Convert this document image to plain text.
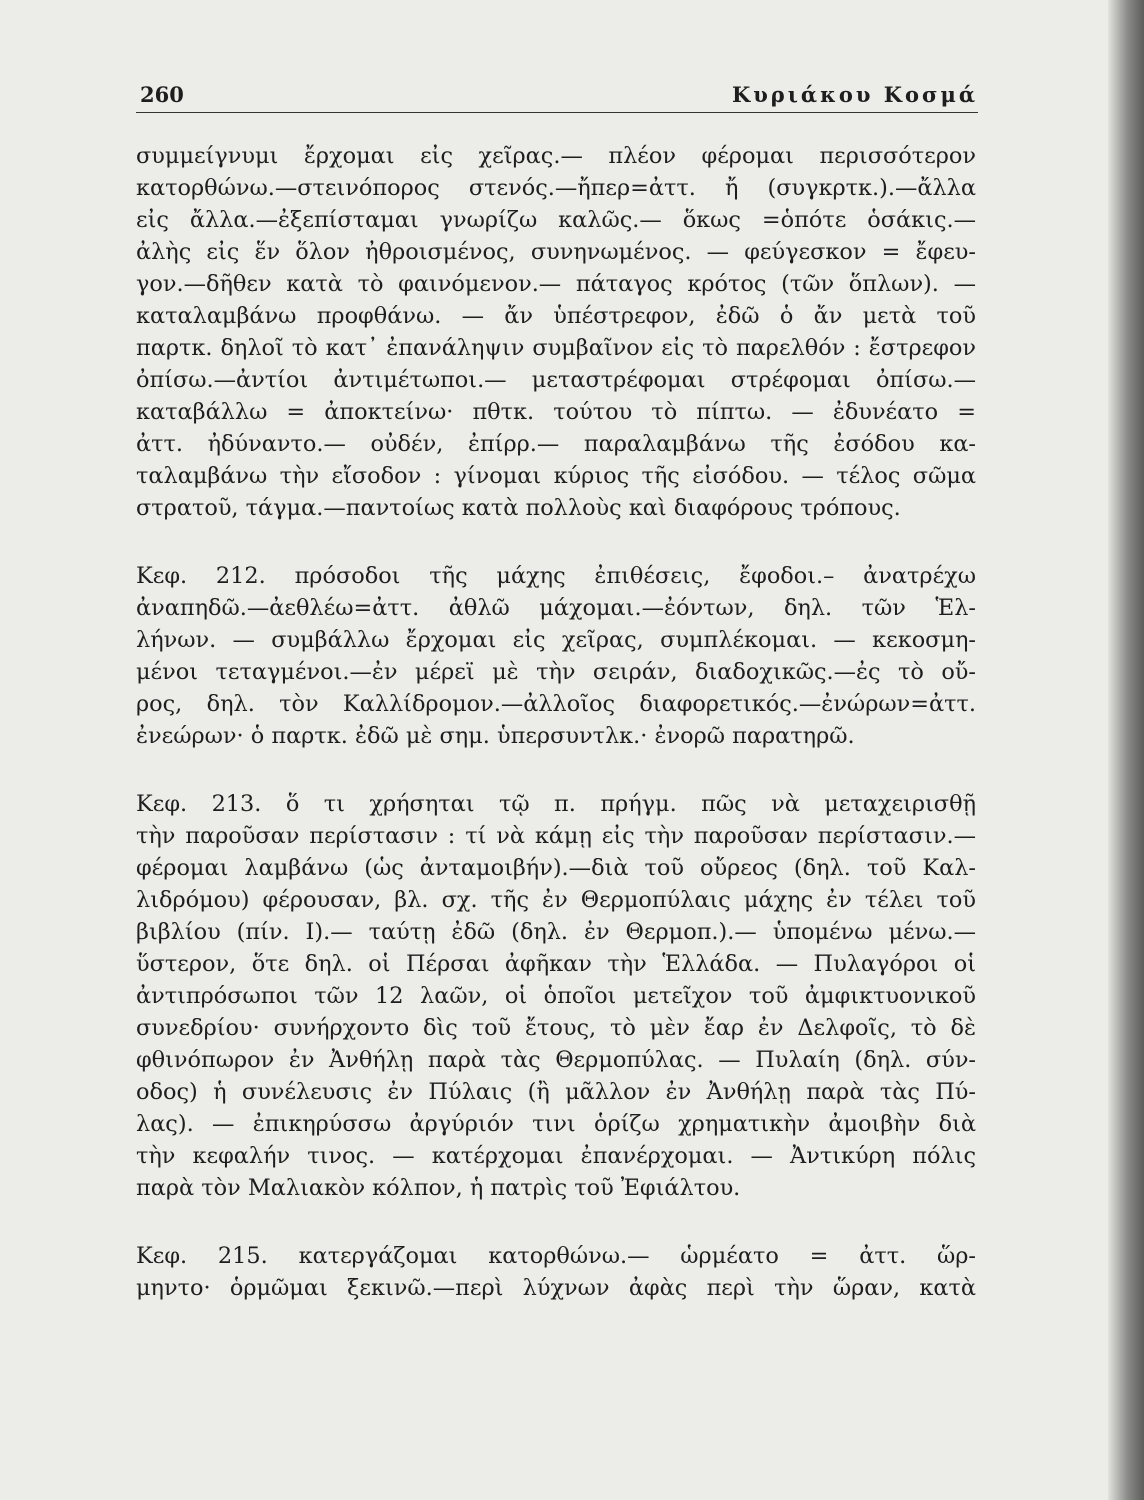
260	Κυριάκου Κοσμά
συμμείγνυμι ἔρχομαι εἰς χεῖρας.— πλέον φέρομαι περισσότερον
κατορθώνω.—στεινόπορος στενός.—ἤπερ=ἀττ. ἤ (συγκρτκ.).—ἄλλα
εἰς ἄλλα.—ἐξεπίσταμαι γνωρίζω καλῶς.— ὅκως =ὁπότε ὁσάκις.—
ἀλὴς εἰς ἕν ὅλον ἠθροισμένος, συνηνωμένος. — φεύγεσκον = ἔφευ-
γον.—δῆθεν κατὰ τὸ φαινόμενον.— πάταγος κρότος (τῶν ὅπλων). —
καταλαμβάνω προφθάνω. — ἄν ὑπέστρεφον, ἐδῶ ὁ ἄν μετὰ τοῦ
παρτκ. δηλοῖ τὸ κατ᾽ ἐπανάληψιν συμβαῖνον εἰς τὸ παρελθόν : ἔστρεφον
ὀπίσω.—ἀντίοι ἀντιμέτωποι.— μεταστρέφομαι στρέφομαι ὀπίσω.—
καταβάλλω = ἀποκτείνω· πθτκ. τούτου τὸ πίπτω. — ἐδυνέατο =
ἀττ. ἠδύναντο.— οὐδέν, ἐπίρρ.— παραλαμβάνω τῆς ἐσόδου κα-
ταλαμβάνω τὴν εἴσοδον : γίνομαι κύριος τῆς εἰσόδου. — τέλος σῶμα
στρατοῦ, τάγμα.—παντοίως κατὰ πολλοὺς καὶ διαφόρους τρόπους.
Κεφ. 212. πρόσοδοι τῆς μάχης ἐπιθέσεις, ἔφοδοι.– ἀνατρέχω
ἀναπηδῶ.—ἀεθλέω=ἀττ. ἀθλῶ μάχομαι.—ἐόντων, δηλ. τῶν Ἑλ-
λήνων. — συμβάλλω ἔρχομαι εἰς χεῖρας, συμπλέκομαι. — κεκοσμη-
μένοι τεταγμένοι.—ἐν μέρεϊ μὲ τὴν σειράν, διαδοχικῶς.—ἐς τὸ οὔ-
ρος, δηλ. τὸν Καλλίδρομον.—ἀλλοῖος διαφορετικός.—ἐνώρων=ἀττ.
ἐνεώρων· ὁ παρτκ. ἐδῶ μὲ σημ. ὑπερσυντλκ.· ἐνορῶ παρατηρῶ.
Κεφ. 213. ὅ τι χρήσηται τῷ π. πρήγμ. πῶς νὰ μεταχειρισθῇ
τὴν παροῦσαν περίστασιν : τί νὰ κάμῃ εἰς τὴν παροῦσαν περίστασιν.—
φέρομαι λαμβάνω (ὡς ἀνταμοιβήν).—διὰ τοῦ οὔρεος (δηλ. τοῦ Καλ-
λιδρόμου) φέρουσαν, βλ. σχ. τῆς ἐν Θερμοπύλαις μάχης ἐν τέλει τοῦ
βιβλίου (πίν. Ι).— ταύτῃ ἐδῶ (δηλ. ἐν Θερμοπ.).— ὑπομένω μένω.—
ὕστερον, ὅτε δηλ. οἱ Πέρσαι ἀφῆκαν τὴν Ἑλλάδα. — Πυλαγόροι οἱ
ἀντιπρόσωποι τῶν 12 λαῶν, οἱ ὁποῖοι μετεῖχον τοῦ ἀμφικτυονικοῦ
συνεδρίου· συνήρχοντο δὶς τοῦ ἔτους, τὸ μὲν ἔαρ ἐν Δελφοῖς, τὸ δὲ
φθινόπωρον ἐν Ἀνθήλῃ παρὰ τὰς Θερμοπύλας. — Πυλαίη (δηλ. σύν-
οδος) ἡ συνέλευσις ἐν Πύλαις (ἢ μᾶλλον ἐν Ἀνθήλῃ παρὰ τὰς Πύ-
λας). — ἐπικηρύσσω ἀργύριόν τινι ὁρίζω χρηματικὴν ἀμοιβὴν διὰ
τὴν κεφαλήν τινος. — κατέρχομαι ἐπανέρχομαι. — Ἀντικύρη πόλις
παρὰ τὸν Μαλιακὸν κόλπον, ἡ πατρὶς τοῦ Ἐφιάλτου.
Κεφ. 215. κατεργάζομαι κατορθώνω.— ὡρμέατο = ἀττ. ὥρ-
μηντο· ὁρμῶμαι ξεκινῶ.—περὶ λύχνων ἀφὰς περὶ τὴν ὥραν, κατὰ
